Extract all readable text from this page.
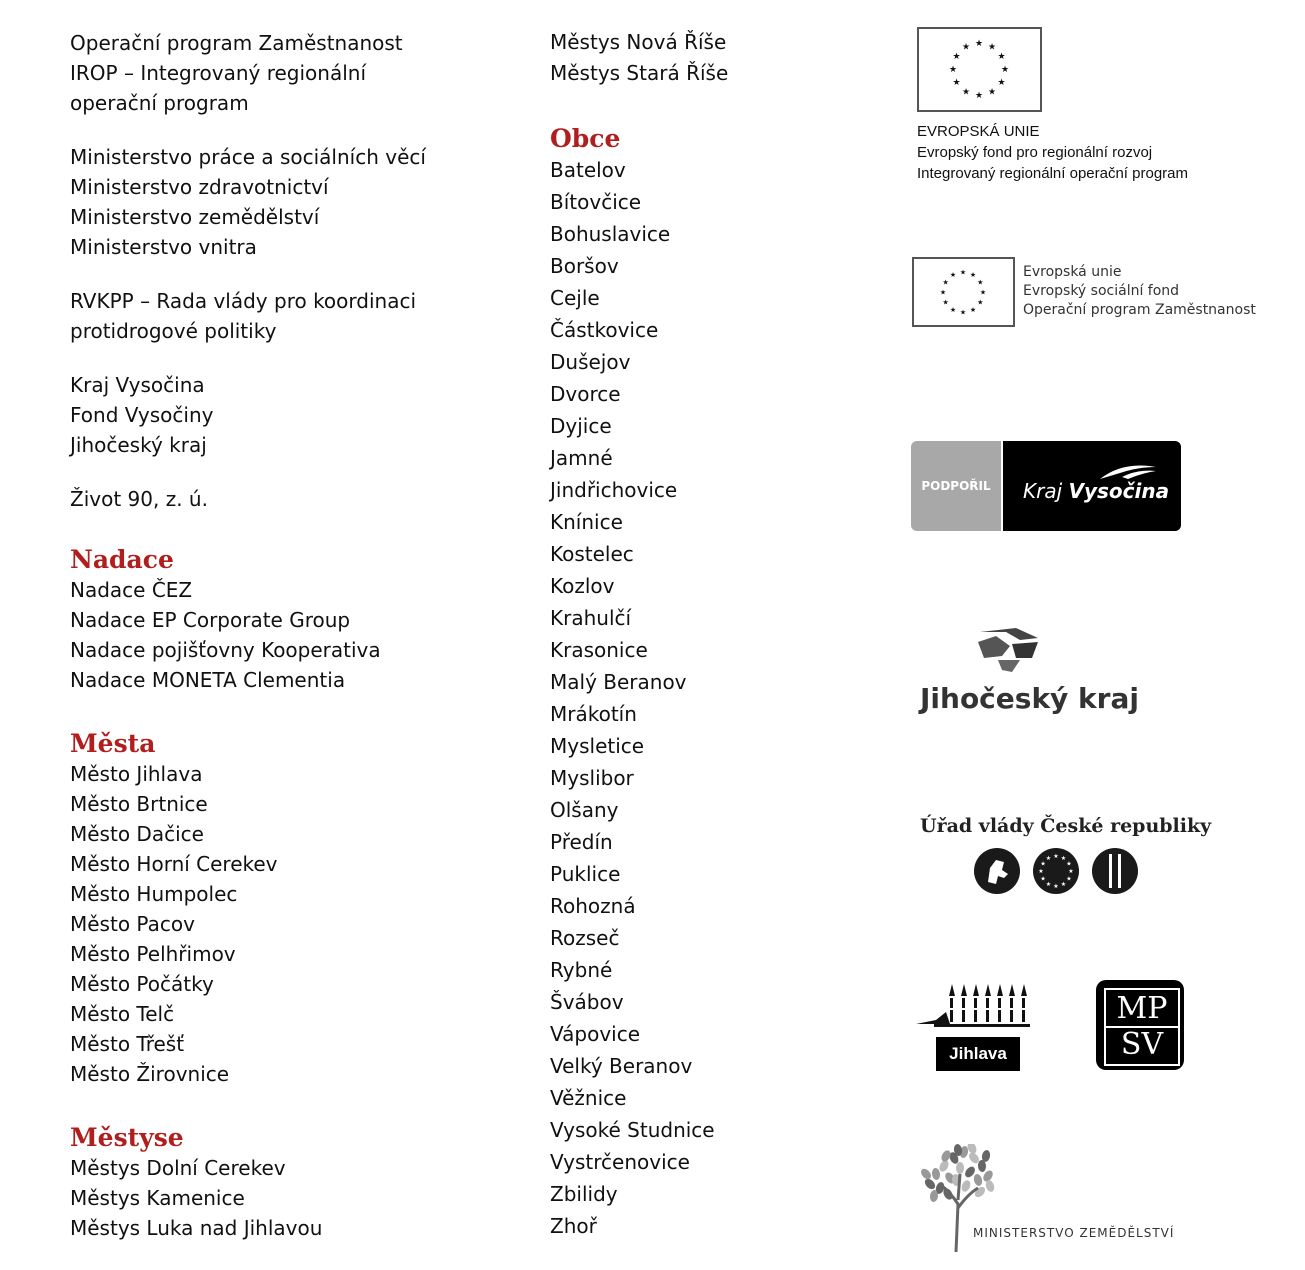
Operační program Zaměstnanost

IROP – Integrovaný regionální

operační program

Ministerstvo práce a sociálních věcí

Ministerstvo zdravotnictví

Ministerstvo zemědělství

Ministerstvo vnitra

RVKPP – Rada vlády pro koordinaci

protidrogové politiky

Kraj Vysočina

Fond Vysočiny

Jihočeský kraj

Život 90, z. ú.

Nadace

Nadace ČEZ

Nadace EP Corporate Group

Nadace pojišťovny Kooperativa

Nadace MONETA Clementia

Města

Město Jihlava

Město Brtnice

Město Dačice

Město Horní Cerekev

Město Humpolec

Město Pacov

Město Pelhřimov

Město Počátky

Město Telč

Město Třešť

Město Žirovnice

Městyse

Městys Dolní Cerekev

Městys Kamenice

Městys Luka nad Jihlavou

Městys Nová Říše

Městys Stará Říše

Obce

Batelov

Bítovčice

Bohuslavice

Boršov

Cejle

Částkovice

Dušejov

Dvorce

Dyjice

Jamné

Jindřichovice

Knínice

Kostelec

Kozlov

Krahulčí

Krasonice

Malý Beranov

Mrákotín

Mysletice

Myslibor

Olšany

Předín

Puklice

Rohozná

Rozseč

Rybné

Švábov

Vápovice

Velký Beranov

Věžnice

Vysoké Studnice

Vystrčenovice

Zbilidy

Zhoř

★
★
★
★
★
★
★
★
★ ★ ★
★
EVROPSKÁ UNIE
Evropský fond pro regionální rozvoj
Integrovaný regionální operační program
★
★
★
★
★
★
★
★
★ ★ ★
★
Evropská unie
Evropský sociální fond
Operační program Zaměstnanost
PODPOŘIL	Kraj Vysočina
Jihočeský kraj
Úřad vlády České republiky
★
★
★
★
★
★
★
★
★ ★ ★
★
Jihlava
MP
SV
MINISTERSTVO ZEMĚDĚLSTVÍ
